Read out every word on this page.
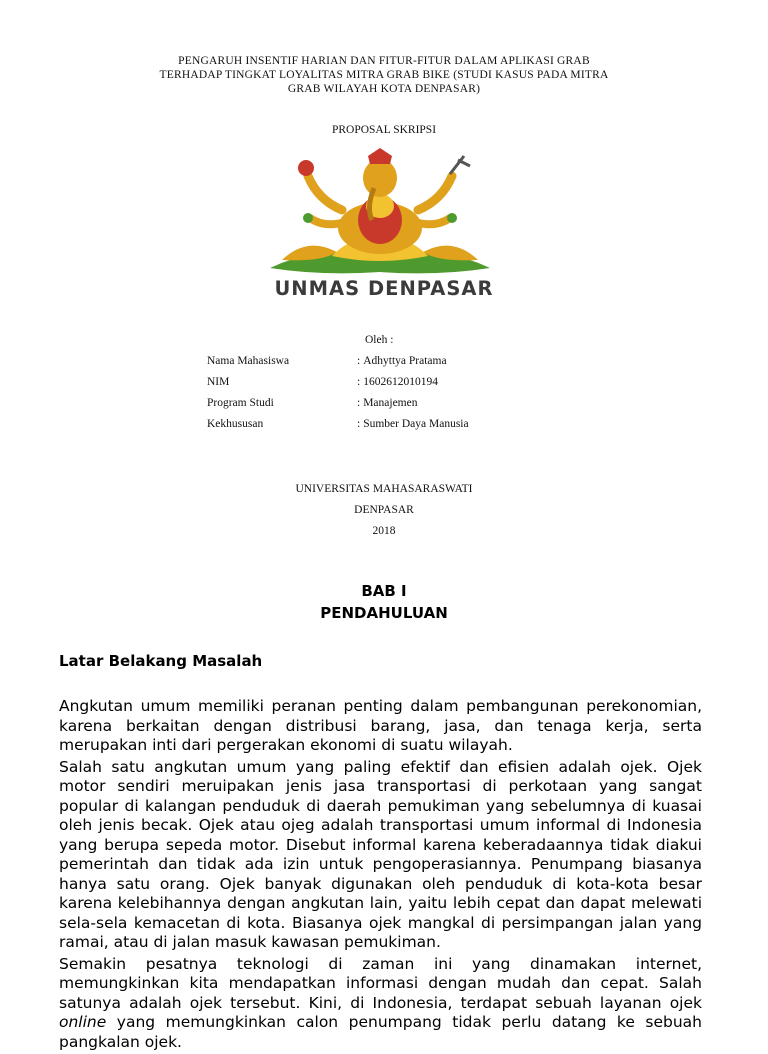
PENGARUH INSENTIF HARIAN DAN FITUR-FITUR DALAM APLIKASI GRAB
TERHADAP TINGKAT LOYALITAS MITRA GRAB BIKE (STUDI KASUS PADA MITRA
GRAB WILAYAH KOTA DENPASAR)
PROPOSAL SKRIPSI
UNMAS DENPASAR
Oleh :
Nama Mahasiswa	: Adhyttya Pratama
NIM	: 1602612010194
Program Studi	: Manajemen
Kekhususan	: Sumber Daya Manusia
UNIVERSITAS MAHASARASWATI
DENPASAR
2018
BAB I
PENDAHULUAN
Latar Belakang Masalah

Angkutan umum memiliki peranan penting dalam pembangunan perekonomian, karena berkaitan dengan distribusi barang, jasa, dan tenaga kerja, serta merupakan inti dari pergerakan ekonomi di suatu wilayah.

Salah satu angkutan umum yang paling efektif dan efisien adalah ojek. Ojek motor sendiri meruipakan jenis jasa transportasi di perkotaan yang sangat popular di kalangan penduduk di daerah pemukiman yang sebelumnya di kuasai oleh jenis becak. Ojek atau ojeg adalah transportasi umum informal di Indonesia yang berupa sepeda motor. Disebut informal karena keberadaannya tidak diakui pemerintah dan tidak ada izin untuk pengoperasiannya. Penumpang biasanya hanya satu orang. Ojek banyak digunakan oleh penduduk di kota-kota besar karena kelebihannya dengan angkutan lain, yaitu lebih cepat dan dapat melewati sela-sela kemacetan di kota. Biasanya ojek mangkal di persimpangan jalan yang ramai, atau di jalan masuk kawasan pemukiman.

Semakin pesatnya teknologi di zaman ini yang dinamakan internet, memungkinkan kita mendapatkan informasi dengan mudah dan cepat. Salah satunya adalah ojek tersebut. Kini, di Indonesia, terdapat sebuah layanan ojek online yang memungkinkan calon penumpang tidak perlu datang ke sebuah pangkalan ojek.
